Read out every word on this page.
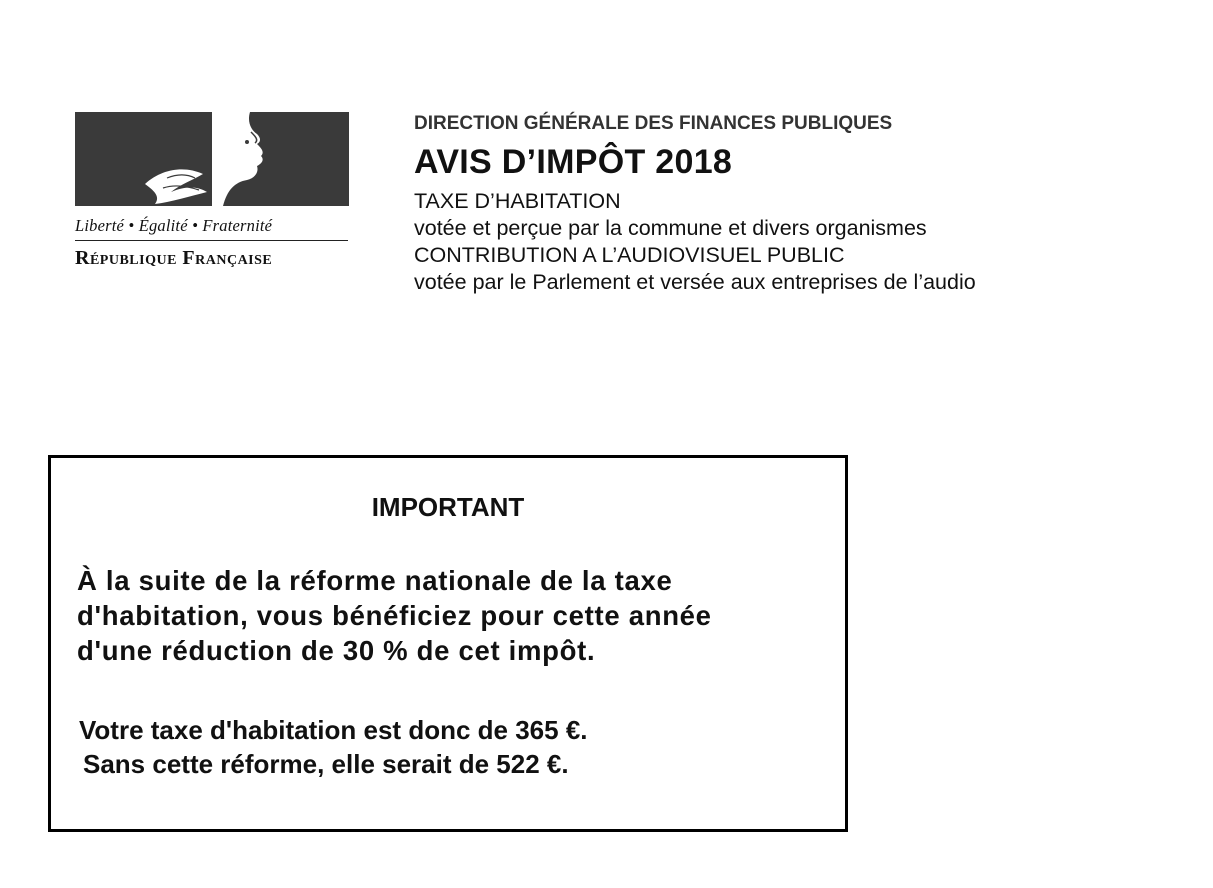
Liberté • Égalité • Fraternité
République Française

DIRECTION GÉNÉRALE DES FINANCES PUBLIQUES

AVIS D’IMPÔT 2018

TAXE D’HABITATION

votée et perçue par la commune et divers organismes

CONTRIBUTION A L’AUDIOVISUEL PUBLIC

votée par le Parlement et versée aux entreprises de l’audio

IMPORTANT
À la suite de la réforme nationale de la taxe
d'habitation, vous bénéficiez pour cette année
d'une réduction de 30 % de cet impôt.
Votre taxe d'habitation est donc de 365 €.
Sans cette réforme, elle serait de 522 €.
